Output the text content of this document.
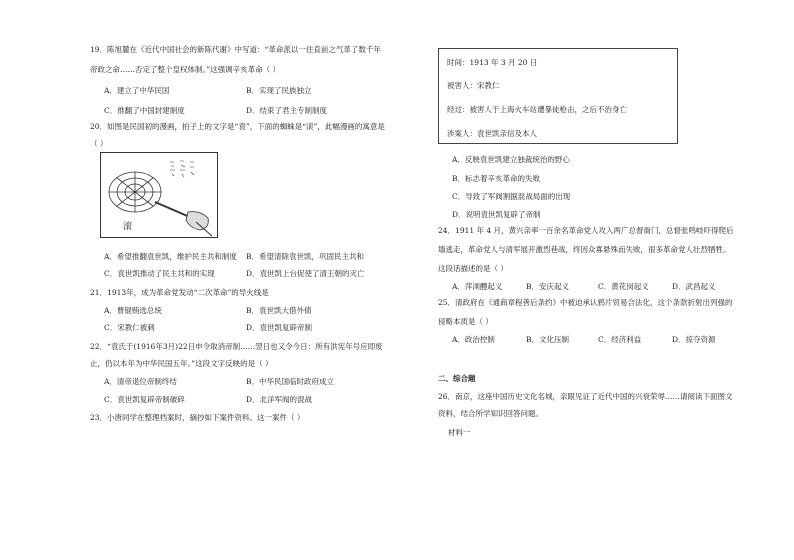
19．陈旭麓在《近代中国社会的新陈代谢》中写道：“革命派以一往直前之气革了数千年
帝政之命……否定了整个皇权体制。”这强调辛亥革命（ ）
A．建立了中华民国	B．实现了民族独立
C．推翻了中国封建制度	D．结束了君主专制制度
20．如图是民国初的漫画，拍子上的文字是“袁”，下面的蜘蛛是“滚”，此幅漫画的寓意是
（ ）
滚
A．希望推翻袁世凯，维护民主共和制度 B．希望清除袁世凯，巩固民主共和
C．袁世凯推动了民主共和的实现	D．袁世凯上台促使了清王朝的灭亡
21．1913年，成为革命党发动“二次革命”的导火线是
A．曹锟贿选总统	B．袁世凯大借外债
C．宋教仁被刺	D．袁世凯复辟帝制
22．“袁氏于(1916年3月)22日申令取消帝制……翌日也又令今日：所有洪宪年号应即废
止，仍以本年为中华民国五年。”这段文字反映的是（ ）
A．清帝退位帝制终结	B．中华民国临时政府成立
C．袁世凯复辟帝制破碎	D．北洋军阀的混战
23．小唐同学在整理档案时，摘抄如下案件资料。这一案件（ ）
时间：1913 年 3 月 20 日
被害人：宋教仁
经过：被害人于上海火车站遭暴徒枪击，之后不治身亡
涉案人：袁世凯亲信及本人
A．反映袁世凯建立独裁统治的野心
B．标志着辛亥革命的失败
C．导致了军阀割据混战局面的出现
D．说明袁世凯复辟了帝制
24．1911 年 4 月，黄兴亲率一百余名革命党人攻入两广总督衙门，总督张鸣岐吓得爬后
墙逃走，革命党人与清军展开激烈巷战，终因众寡悬殊而失败，很多革命党人壮烈牺牲。
这段话描述的是（ ）
A．萍浏醴起义	B．安庆起义	C．黄花岗起义	D．武昌起义
25．清政府在《通商章程善后条约》中被迫承认鸦片贸易合法化，这个条款折射出列强的
侵略本质是（ ）
A．政治控制	B．文化压制	C．经济利益	D．掠夺资源
二、综合题
26．南京，这座中国历史文化名城，亲眼见证了近代中国的兴衰荣辱……请阅读下面图文
资料，结合所学知识回答问题。
材料一
